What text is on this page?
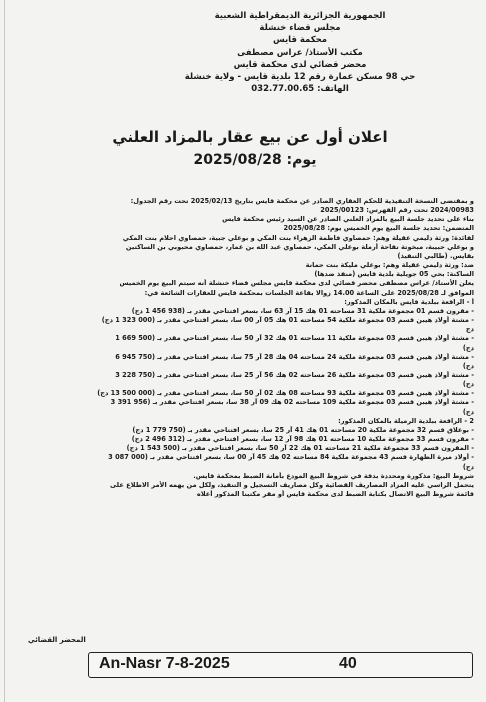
الجمهورية الجزائرية الديمقراطية الشعبية
مجلس قضاء خنشلة
محكمة قايس
مكتب الأستاذ/ عراس مصطفى
محضر قضائي لدى محكمة قايس
حي 98 مسكن عمارة رقم 12 بلدية قايس - ولاية خنشلة
الهاتف: 032.77.00.65
اعلان أول عن بيع عقار بالمزاد العلني
يوم: 2025/08/28
و بمقتضى النسخة التنفيذية للحكم العقاري الصادر عن محكمة قايس بتاريخ 2025/02/13 تحت رقم الجدول:
2024/00983 تحت رقم الفهرس: 2025/00123
بناء على تحديد جلسة البيع بالمزاد العلني الصادر عن السيد رئيس محكمة قايس
المتضمن: تحديد جلسة البيع يوم الخميس يوم: 2025/08/28
لفائدة: ورثة دليمي عقيلة وهم: حمصاوي فاطمة الزهراء بنت المكي و بوعلي جبية، حمصاوي احلام بنت المكي
و بوعلي حبيبة، مبخوتة نفاحة أرملة بوعلي المكي، حمصاوي عبد الله بن عمار، حمصاوي محبوبي بن الساكتين
بقايس. (طالبي التنفيذ)
ضد: ورثة دليمي عقيلة وهم: بوعلي مليكة بنت حمانة
الساكنة: بحي 05 جويلية بلدية قايس (منفذ ضدها)
يعلن الأستاذ/ عراس مصطفى محضر قضائي لدى محكمة قايس مجلس قضاء خنشلة أنه سيتم البيع يوم الخميس
الموافق لـ 2025/08/28 على الساعة 14.00 زوالا بقاعة الجلسات بمحكمة قايس للعقارات الشائعة في:
أ - الراقعة ببلدية قايس بالمكان المذكور:
- مقرون قسم 01 مجموعة ملكية 31 مساحته 01 هك 15 آر 63 سا، بسعر افتتاحي مقدر بـ (938 456 1 دج)
- مشتة أولاد هيبن قسم 03 مجموعة ملكية 54 مساحته 01 هك 05 آر 00 سا، بسعر افتتاحي مقدر بـ (000 323 1 دج)
دج
- مشتة أولاد هيبن قسم 03 مجموعة ملكية 11 مساحته 01 هك 32 آر 50 سا، بسعر افتتاحي مقدر بـ (500 669 1
دج)
- مشتة أولاد هيبن قسم 03 مجموعة ملكية 24 مساحته 04 هك 28 آر 75 سا، بسعر افتتاحي مقدر بـ (750 945 6
دج)
- مشتة أولاد هيبن قسم 03 مجموعة ملكية 26 مساحته 02 هك 56 آر 25 سا، بسعر افتتاحي مقدر بـ (750 228 3
دج)
- مشتة أولاد هيبن قسم 03 مجموعة ملكية 93 مساحته 08 هك 02 آر 50 سا، بسعر افتتاحي مقدر بـ (000 500 13 دج)
- مشتة أولاد هيبن قسم 03 مجموعة ملكية 109 مساحته 02 هك 09 آر 38 سا، بسعر افتتاحي مقدر بـ (956 391 3
دج)
2 - الراقعة ببلدية الرميلة بالمكان المذكور:
- بوعلاق قسم 32 مجموعة ملكية 20 مساحته 01 هك 41 آر 25 سا، بسعر افتتاحي مقدر بـ (750 779 1 دج)
- مقرون قسم 33 مجموعة ملكية 10 مساحته 01 هك 98 آر 12 سا، بسعر افتتاحي مقدر بـ (312 496 2 دج)
- المقرون قسم 33 مجموعة ملكية 21 مساحته 01 هك 22 آر 50 سا، بسعر افتتاحي مقدر بـ (500 543 1 دج)
- أولاد ميرة الظهارة قسم 43 مجموعة ملكية 84 مساحته 02 هك 45 آر 00 سا، بسعر افتتاحي مقدر بـ (000 087 3
دج)
شروط البيع: مذكورة ومحددة بدقة في شروط البيع المودع بأمانة الضبط بمحكمة قايس.
يتحمل الراسي عليه المزاد المصاريف القضائية وكل مصاريف التسجيل و التنفيذ، ولكل من يهمه الأمر الاطلاع على
قائمة شروط البيع الاتصال بكتابة الضبط لدى محكمة قايس أو مقر مكتبنا المذكور أعلاه
المحضر القضائي
An-Nasr 7-8-2025	40
